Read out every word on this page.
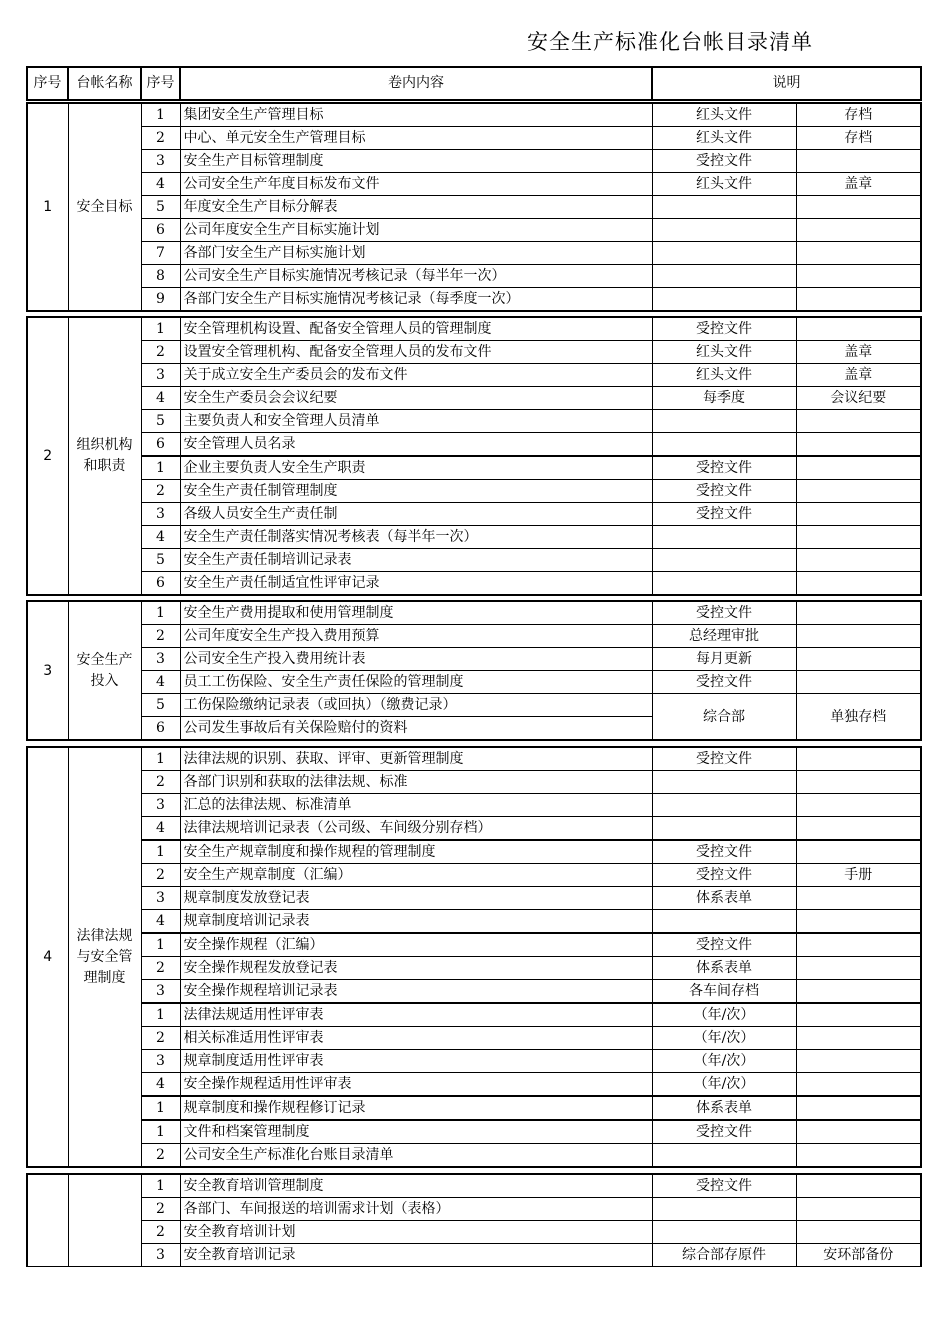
安全生产标准化台帐目录清单
序号	台帐名称	序号	卷内内容	说明
1	安全目标	1	集团安全生产管理目标	红头文件	存档
		2	中心、单元安全生产管理目标	红头文件	存档
		3	安全生产目标管理制度	受控文件	
		4	公司安全生产年度目标发布文件	红头文件	盖章
		5	年度安全生产目标分解表		
		6	公司年度安全生产目标实施计划		
		7	各部门安全生产目标实施计划		
		8	公司安全生产目标实施情况考核记录（每半年一次）		
		9	各部门安全生产目标实施情况考核记录（每季度一次）		
2	组织机构和职责	1	安全管理机构设置、配备安全管理人员的管理制度	受控文件	
		2	设置安全管理机构、配备安全管理人员的发布文件	红头文件	盖章
		3	关于成立安全生产委员会的发布文件	红头文件	盖章
		4	安全生产委员会会议纪要	每季度	会议纪要
		5	主要负责人和安全管理人员清单		
		6	安全管理人员名录		
		1	企业主要负责人安全生产职责	受控文件	
		2	安全生产责任制管理制度	受控文件	
		3	各级人员安全生产责任制	受控文件	
		4	安全生产责任制落实情况考核表（每半年一次）		
		5	安全生产责任制培训记录表		
		6	安全生产责任制适宜性评审记录		
3	安全生产投入	1	安全生产费用提取和使用管理制度	受控文件	
		2	公司年度安全生产投入费用预算	总经理审批	
		3	公司安全生产投入费用统计表	每月更新	
		4	员工工伤保险、安全生产责任保险的管理制度	受控文件	
		5	工伤保险缴纳记录表（或回执）（缴费记录）	综合部	单独存档
		6	公司发生事故后有关保险赔付的资料		
4	法律法规与安全管理制度	1	法律法规的识别、获取、评审、更新管理制度	受控文件	
		2	各部门识别和获取的法律法规、标准		
		3	汇总的法律法规、标准清单		
		4	法律法规培训记录表（公司级、车间级分别存档）		
		1	安全生产规章制度和操作规程的管理制度	受控文件	
		2	安全生产规章制度（汇编）	受控文件	手册
		3	规章制度发放登记表	体系表单	
		4	规章制度培训记录表		
		1	安全操作规程（汇编）	受控文件	
		2	安全操作规程发放登记表	体系表单	
		3	安全操作规程培训记录表	各车间存档	
		1	法律法规适用性评审表	（年/次）	
		2	相关标准适用性评审表	（年/次）	
		3	规章制度适用性评审表	（年/次）	
		4	安全操作规程适用性评审表	（年/次）	
		1	规章制度和操作规程修订记录	体系表单	
		1	文件和档案管理制度	受控文件	
		2	公司安全生产标准化台账目录清单		
		1	安全教育培训管理制度	受控文件	
		2	各部门、车间报送的培训需求计划（表格）		
		2	安全教育培训计划		
		3	安全教育培训记录	综合部存原件	安环部备份
